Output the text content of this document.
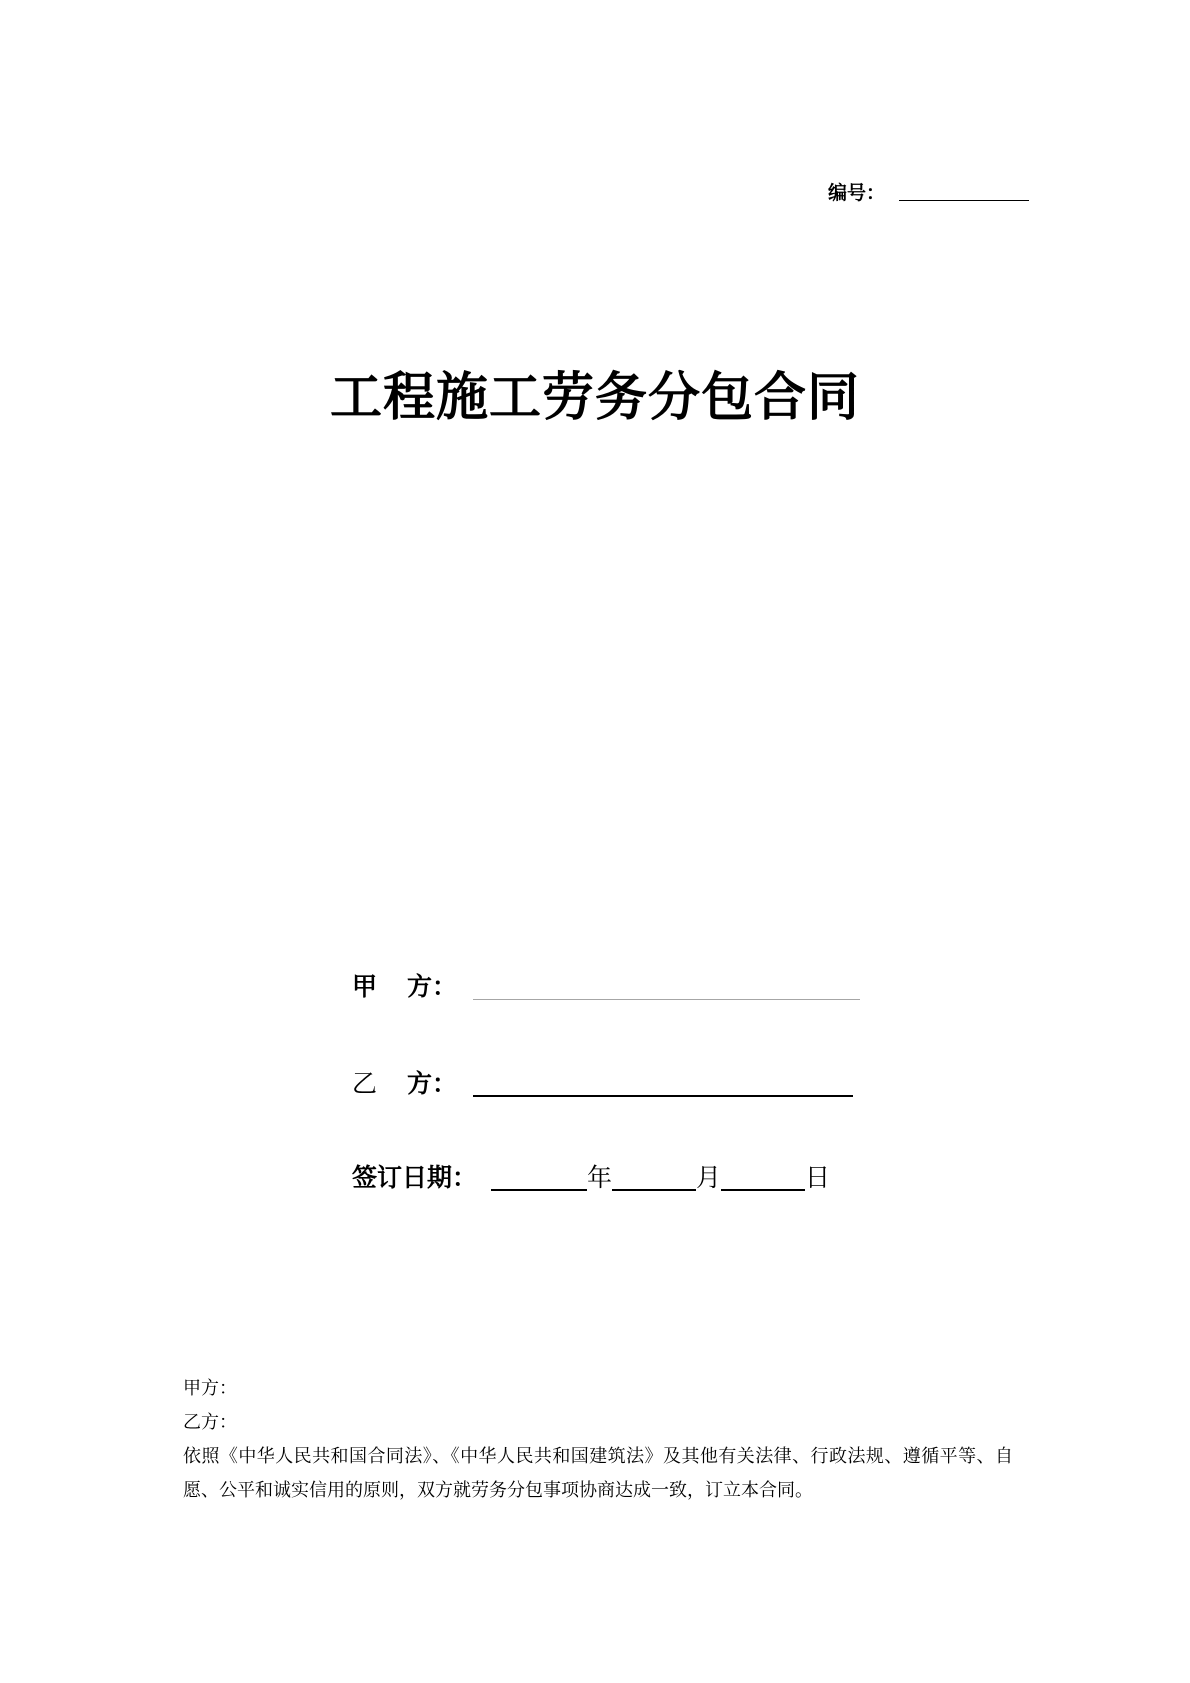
编号：
工程施工劳务分包合同
甲 方：
乙 方：
签订日期：	年	月	日

甲方：

乙方：

依照《中华人民共和国合同法》、《中华人民共和国建筑法》及其他有关法律、行政法规、遵循平等、自愿、公平和诚实信用的原则，双方就劳务分包事项协商达成一致，订立本合同。
